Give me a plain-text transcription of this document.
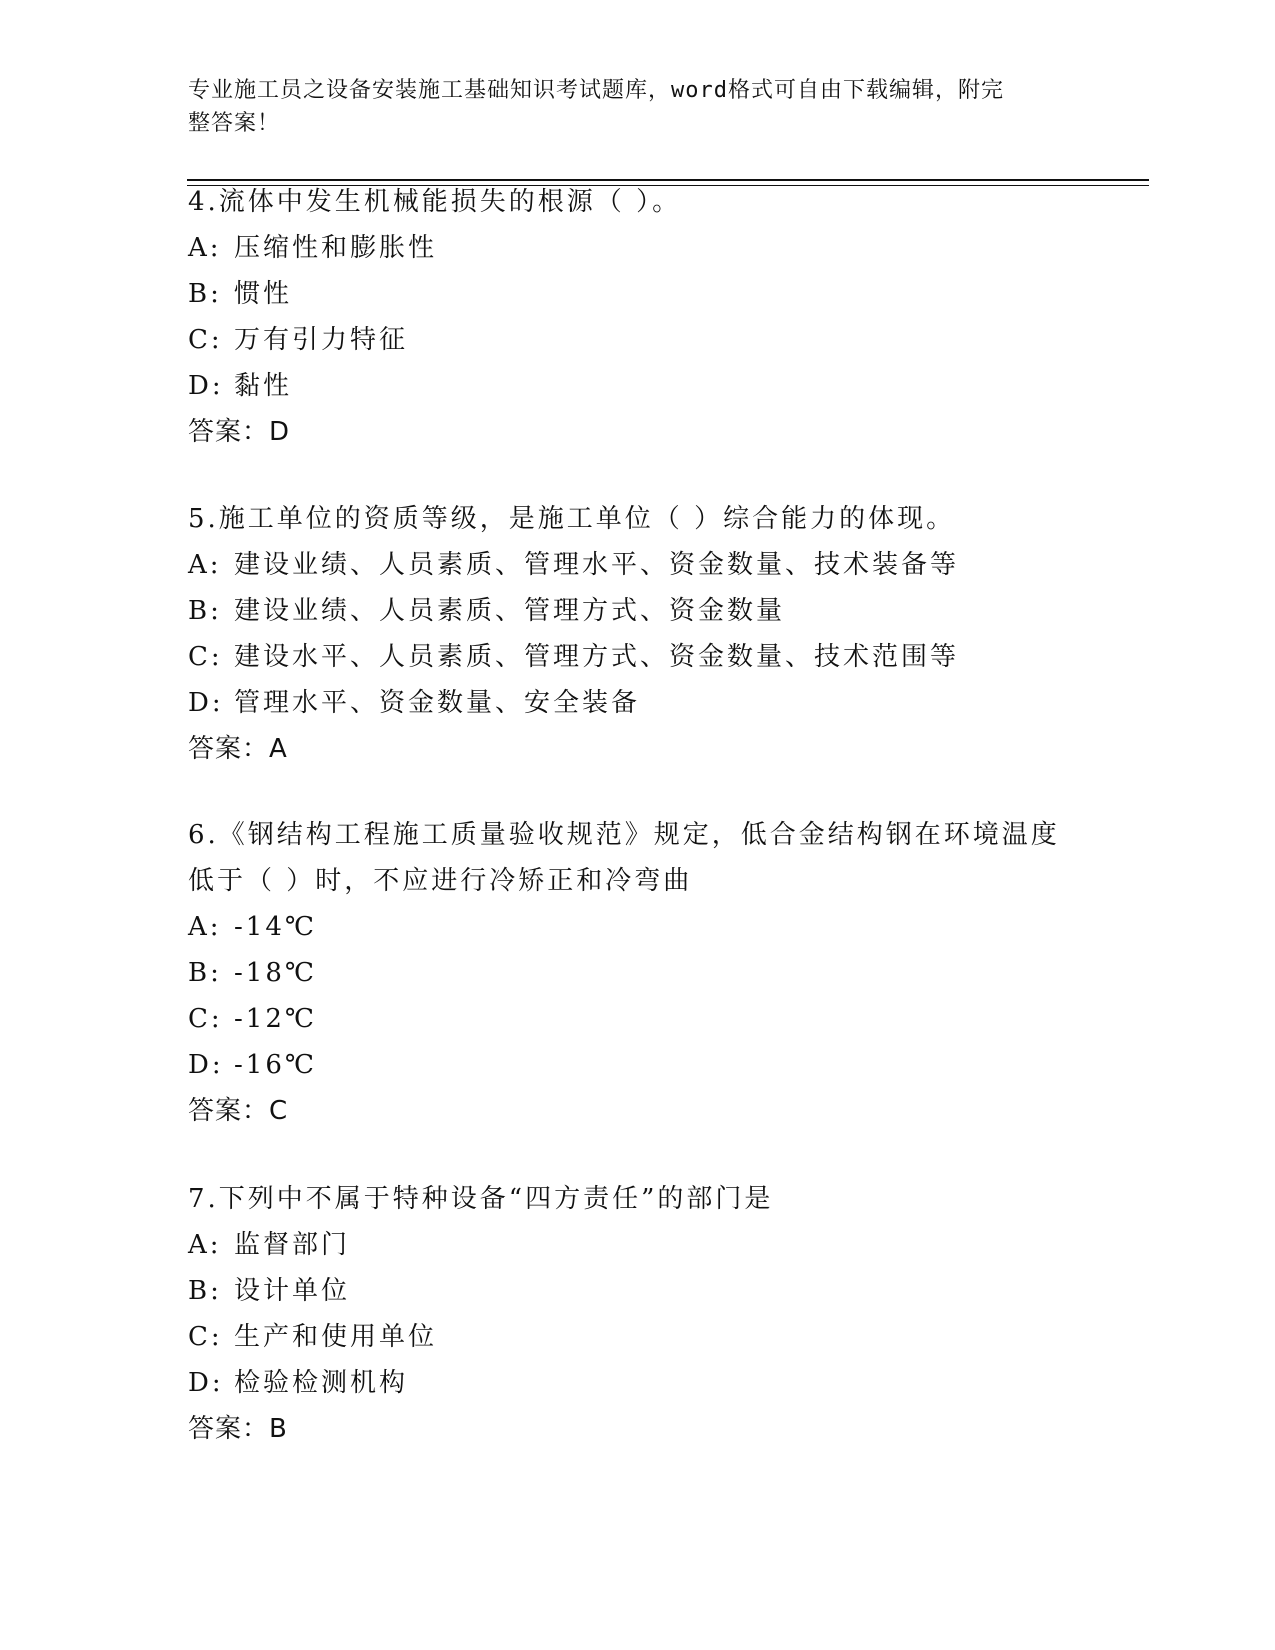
专业施工员之设备安装施工基础知识考试题库，word格式可自由下载编辑，附完
整答案！
4.流体中发生机械能损失的根源（ ）。
A: 压缩性和膨胀性
B: 惯性
C: 万有引力特征
D: 黏性
答案：D
5.施工单位的资质等级，是施工单位（ ）综合能力的体现。
A: 建设业绩、人员素质、管理水平、资金数量、技术装备等
B: 建设业绩、人员素质、管理方式、资金数量
C: 建设水平、人员素质、管理方式、资金数量、技术范围等
D: 管理水平、资金数量、安全装备
答案：A
6.《钢结构工程施工质量验收规范》规定，低合金结构钢在环境温度
低于（ ）时，不应进行冷矫正和冷弯曲
A: -14℃
B: -18℃
C: -12℃
D: -16℃
答案：C
7.下列中不属于特种设备“四方责任”的部门是
A: 监督部门
B: 设计单位
C: 生产和使用单位
D: 检验检测机构
答案：B
